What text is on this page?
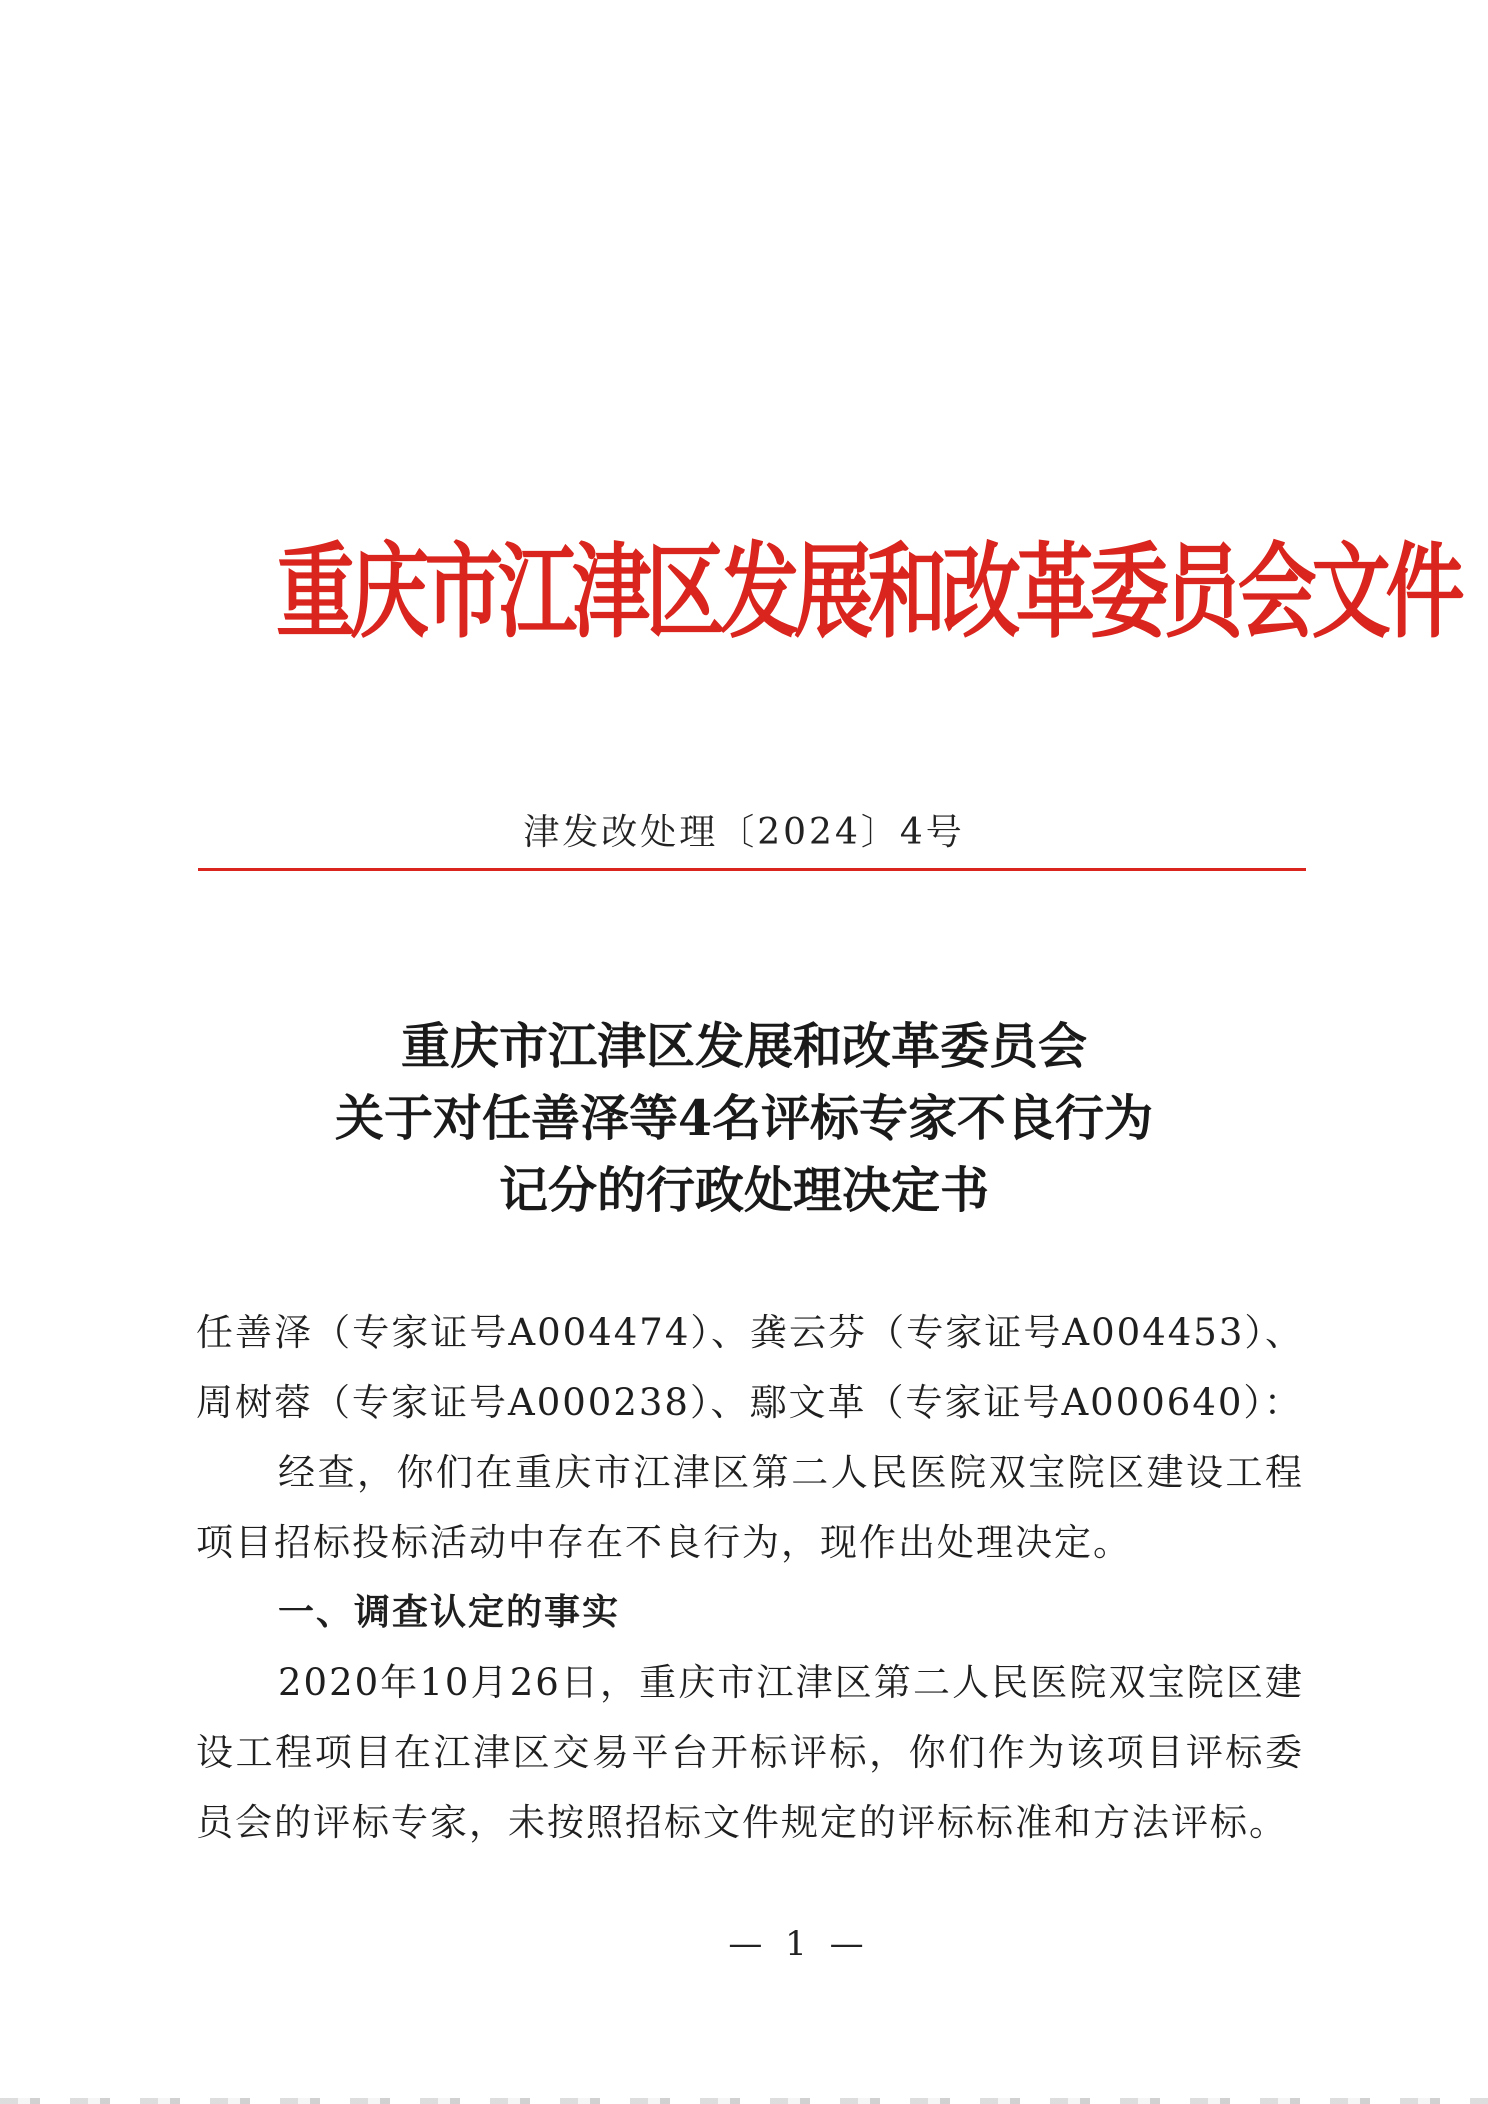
重庆市江津区发展和改革委员会文件
津发改处理〔2024〕4号
重庆市江津区发展和改革委员会
关于对任善泽等4名评标专家不良行为
记分的行政处理决定书

任善泽（专家证号A004474）、龚云芬（专家证号A004453）、周树蓉（专家证号A000238）、鄢文革（专家证号A000640）：

经查，你们在重庆市江津区第二人民医院双宝院区建设工程项目招标投标活动中存在不良行为，现作出处理决定。

一、调查认定的事实

2020年10月26日，重庆市江津区第二人民医院双宝院区建设工程项目在江津区交易平台开标评标，你们作为该项目评标委员会的评标专家，未按照招标文件规定的评标标准和方法评标。

— 1 —
